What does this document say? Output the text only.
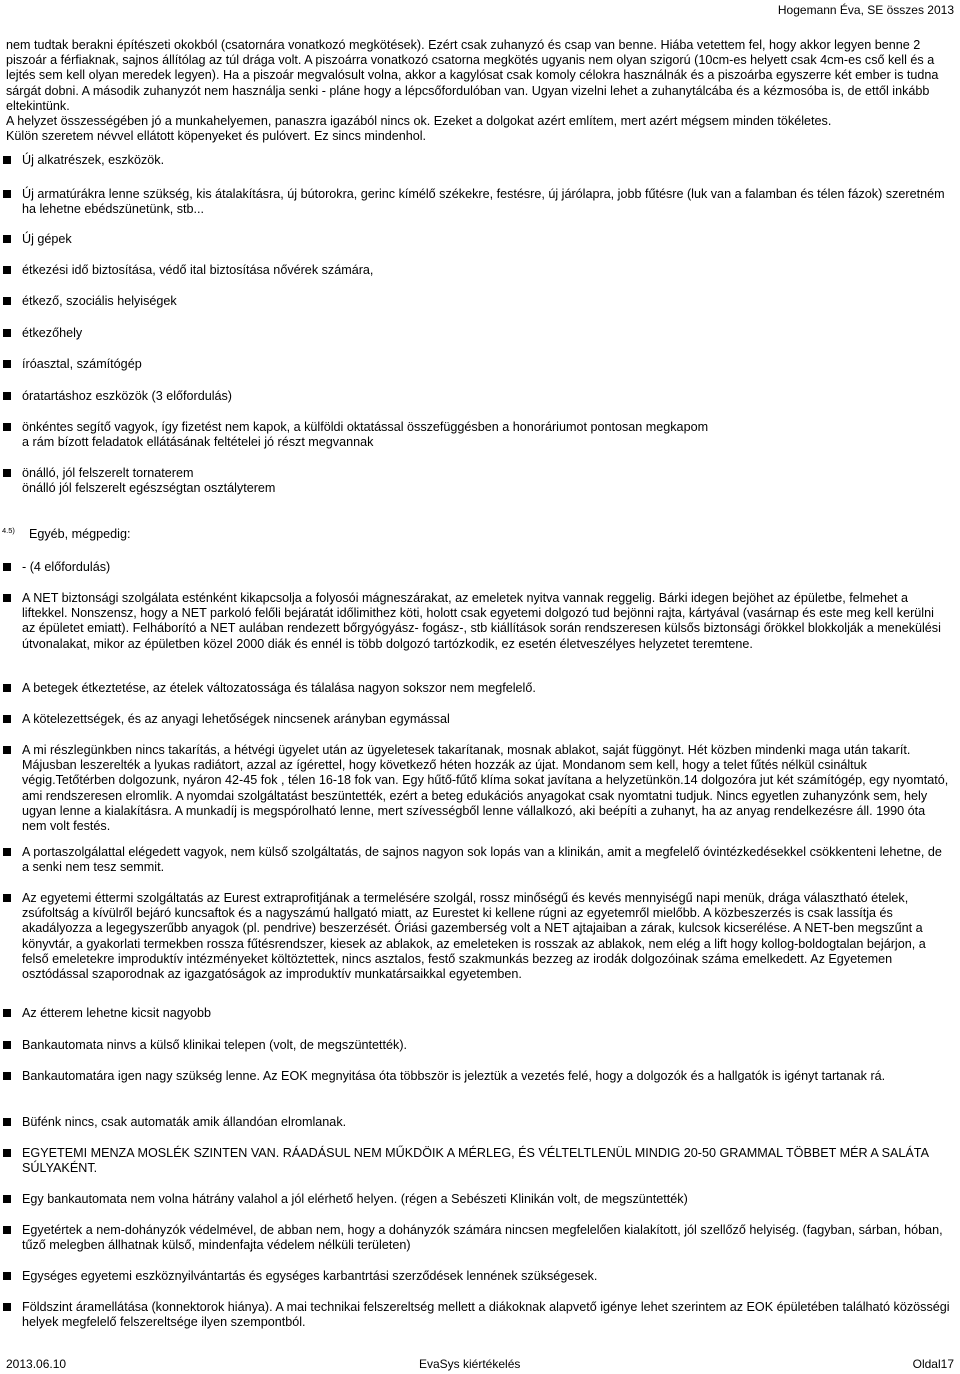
Hogemann Éva, SE összes 2013

nem tudtak berakni építészeti okokból (csatornára vonatkozó megkötések). Ezért csak zuhanyzó és csap van benne. Hiába vetettem fel, hogy akkor legyen benne 2 piszoár a férfiaknak, sajnos állítólag az túl drága volt. A piszoárra vonatkozó csatorna megkötés ugyanis nem olyan szigorú (10cm-es helyett csak 4cm-es cső kell és a lejtés sem kell olyan meredek legyen). Ha a piszoár megvalósult volna, akkor a kagylósat csak komoly célokra használnák és a piszoárba egyszerre két ember is tudna sárgát dobni. A második zuhanyzót nem használja senki - pláne hogy a lépcsőfordulóban van. Ugyan vizelni lehet a zuhanytálcába és a kézmosóba is, de ettől inkább eltekintünk.

A helyzet összességében jó a munkahelyemen, panaszra igazából nincs ok. Ezeket a dolgokat azért említem, mert azért mégsem minden tökéletes.

Külön szeretem névvel ellátott köpenyeket és pulóvert. Ez sincs mindenhol.

Új alkatrészek, eszközök.
Új armatúrákra lenne szükség, kis átalakításra, új bútorokra, gerinc kímélő székekre, festésre, új járólapra, jobb fűtésre (luk van a falamban és télen fázok) szeretném ha lehetne ebédszünetünk, stb...
Új gépek
étkezési idő biztosítása, védő ital biztosítása nővérek számára,
étkező, szociális helyiségek
étkezőhely
íróasztal, számítógép
óratartáshoz eszközök (3 előfordulás)
önkéntes segítő vagyok, így fizetést nem kapok, a külföldi oktatással összefüggésben a honoráriumot pontosan megkapom
a rám bízott feladatok ellátásának feltételei jó részt megvannak
önálló, jól felszerelt tornaterem
önálló jól felszerelt egészségtan osztályterem
$^{4.5)}$ Egyéb, mégpedig:
- (4 előfordulás)
A NET biztonsági szolgálata esténként kikapcsolja a folyosói mágneszárakat, az emeletek nyitva vannak reggelig. Bárki idegen bejöhet az épületbe, felmehet a liftekkel. Nonszensz, hogy a NET parkoló felőli bejáratát időlimithez köti, holott csak egyetemi dolgozó tud bejönni rajta, kártyával (vasárnap és este meg kell kerülni az épületet emiatt). Felháborító a NET aulában rendezett bőrgyógyász- fogász-, stb kiállítások során rendszeresen külsős biztonsági őrökkel blokkolják a menekülési útvonalakat, mikor az épületben közel 2000 diák és ennél is több dolgozó tartózkodik, ez esetén életveszélyes helyzetet teremtene.
A betegek étkeztetése, az ételek változatossága és tálalása nagyon sokszor nem megfelelő.
A kötelezettségek, és az anyagi lehetőségek nincsenek arányban egymással
A mi részlegünkben nincs takarítás, a hétvégi ügyelet után az ügyeletesek takarítanak, mosnak ablakot, saját függönyt. Hét közben mindenki maga után takarít. Májusban leszerelték a lyukas radiátort, azzal az ígérettel, hogy következő héten hozzák az újat. Mondanom sem kell, hogy a telet fűtés nélkül csináltuk végig.Tetőtérben dolgozunk, nyáron 42-45 fok , télen 16-18 fok van. Egy hűtő-fűtő klíma sokat javítana a helyzetünkön.14 dolgozóra jut két számítógép, egy nyomtató, ami rendszeresen elromlik. A nyomdai szolgáltatást beszüntették, ezért a beteg edukációs anyagokat csak nyomtatni tudjuk. Nincs egyetlen zuhanyzónk sem, hely ugyan lenne a kialakításra. A munkadíj is megspórolható lenne, mert szívességből lenne vállalkozó, aki beépíti a zuhanyt, ha az anyag rendelkezésre áll. 1990 óta nem volt festés.
A portaszolgálattal elégedett vagyok, nem külső szolgáltatás, de sajnos nagyon sok lopás van a klinikán, amit a megfelelő óvintézkedésekkel csökkenteni lehetne, de a senki nem tesz semmit.
Az egyetemi éttermi szolgáltatás az Eurest extraprofitjának a termelésére szolgál, rossz minőségű és kevés mennyiségű napi menük, drága választható ételek, zsúfoltság a kívülről bejáró kuncsaftok és a nagyszámú hallgató miatt, az Eurestet ki kellene rúgni az egyetemről mielőbb. A közbeszerzés is csak lassítja és akadályozza a legegyszerűbb anyagok (pl. pendrive) beszerzését. Óriási gazemberség volt a NET ajtajaiban a zárak, kulcsok kicserélése. A NET-ben megszűnt a könyvtár, a gyakorlati termekben rossza fűtésrendszer, kiesek az ablakok, az emeleteken is rosszak az ablakok, nem elég a lift hogy kollog-boldogtalan bejárjon, a felső emeletekre improduktív intézményeket költöztettek, nincs asztalos, festő szakmunkás bezzeg az irodák dolgozóinak száma emelkedett. Az Egyetemen osztódással szaporodnak az igazgatóságok az improduktív munkatársaikkal egyetemben.
Az étterem lehetne kicsit nagyobb
Bankautomata ninvs a külső klinikai telepen (volt, de megszüntették).
Bankautomatára igen nagy szükség lenne. Az EOK megnyitása óta többször is jeleztük a vezetés felé, hogy a dolgozók és a hallgatók is igényt tartanak rá.
Büfénk nincs, csak automaták amik állandóan elromlanak.
EGYETEMI MENZA MOSLÉK SZINTEN VAN. RÁADÁSUL NEM MŰKDÖIK A MÉRLEG, ÉS VÉLTELTLENÜL MINDIG 20-50 GRAMMAL TÖBBET MÉR A SALÁTA SÚLYAKÉNT.
Egy bankautomata nem volna hátrány valahol a jól elérhető helyen. (régen a Sebészeti Klinikán volt, de megszüntették)
Egyetértek a nem-dohányzók védelmével, de abban nem, hogy a dohányzók számára nincsen megfelelően kialakított, jól szellőző helyiség. (fagyban, sárban, hóban, tűző melegben állhatnak külső, mindenfajta védelem nélküli területen)
Egységes egyetemi eszköznyilvántartás és egységes karbantrtási szerződések lennének szükségesek.
Földszint áramellátása (konnektorok hiánya). A mai technikai felszereltség mellett a diákoknak alapvető igénye lehet szerintem az EOK épületében található közösségi helyek megfelelő felszereltsége ilyen szempontból.
2013.06.10	EvaSys kiértékelés	Oldal17
